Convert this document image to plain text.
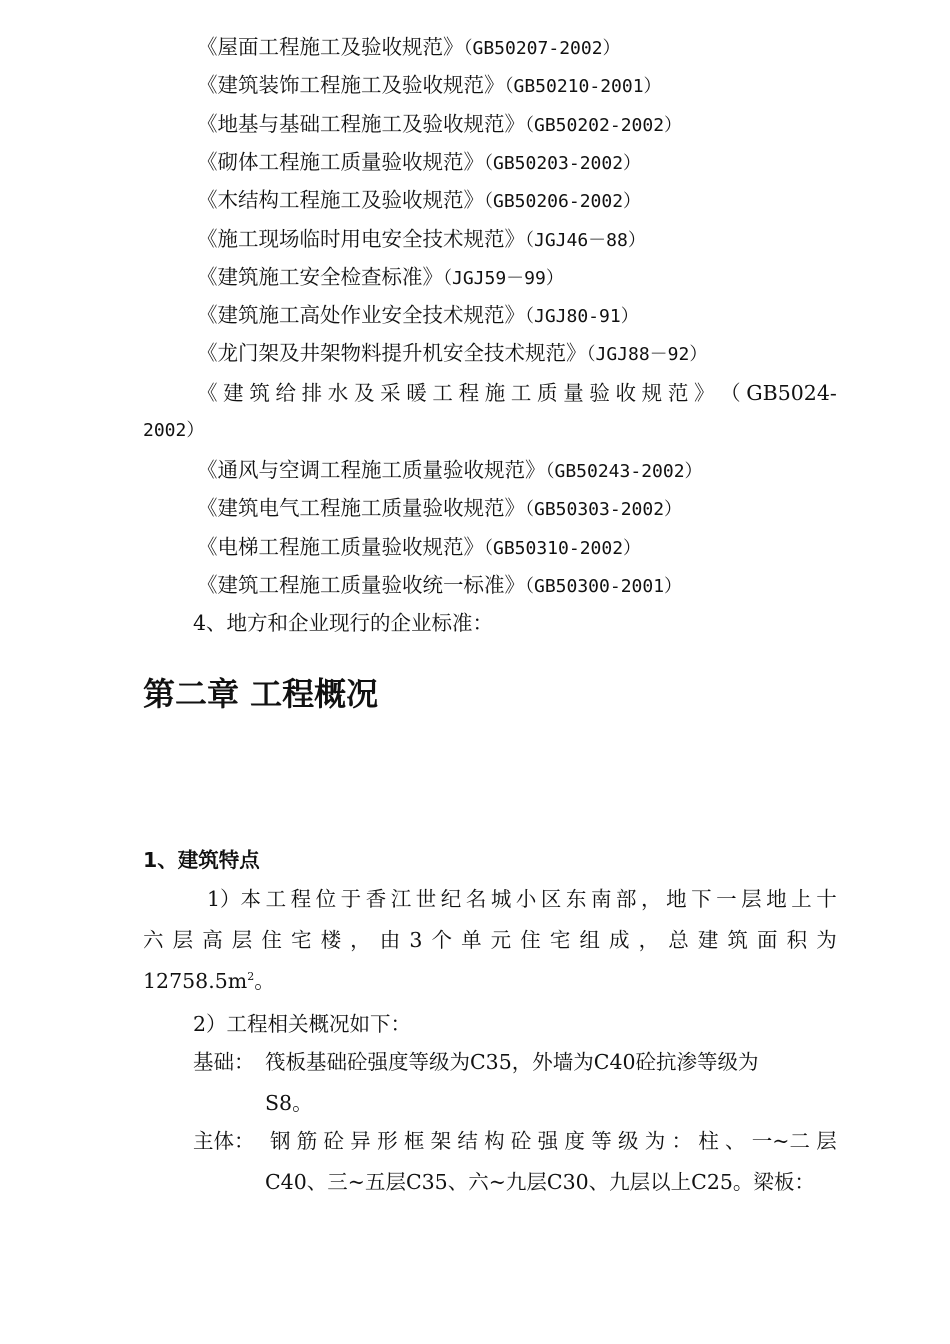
《屋面工程施工及验收规范》（GB50207-2002）
《建筑装饰工程施工及验收规范》（GB50210-2001）
《地基与基础工程施工及验收规范》（GB50202-2002）
《砌体工程施工质量验收规范》（GB50203-2002）
《木结构工程施工及验收规范》（GB50206-2002）
《施工现场临时用电安全技术规范》（JGJ46－88）
《建筑施工安全检查标准》（JGJ59－99）
《建筑施工高处作业安全技术规范》（JGJ80-91）
《龙门架及井架物料提升机安全技术规范》（JGJ88－92）
《 建 筑 给 排 水 及 采 暖 工 程 施 工 质 量 验 收 规 范 》 （ GB5024-
2002）
《通风与空调工程施工质量验收规范》（GB50243-2002）
《建筑电气工程施工质量验收规范》（GB50303-2002）
《电梯工程施工质量验收规范》（GB50310-2002）
《建筑工程施工质量验收统一标准》（GB50300-2001）
4、地方和企业现行的企业标准：
第二章 工程概况
1、建筑特点
1）本 工 程 位 于 香 江 世 纪 名 城 小 区 东 南 部 ， 地 下 一 层 地 上 十
六 层 高 层 住 宅 楼 ， 由 3 个 单 元 住 宅 组 成 ， 总 建 筑 面 积 为
$12758.5m^2$。
2）工程相关概况如下：
基础： 筏板基础砼强度等级为C35，外墙为C40砼抗渗等级为
S8。
主体： 钢 筋 砼 异 形 框 架 结 构 砼 强 度 等 级 为 ： 柱 、 一~二 层
C40、三~五层C35、六~九层C30、九层以上C25。梁板：
